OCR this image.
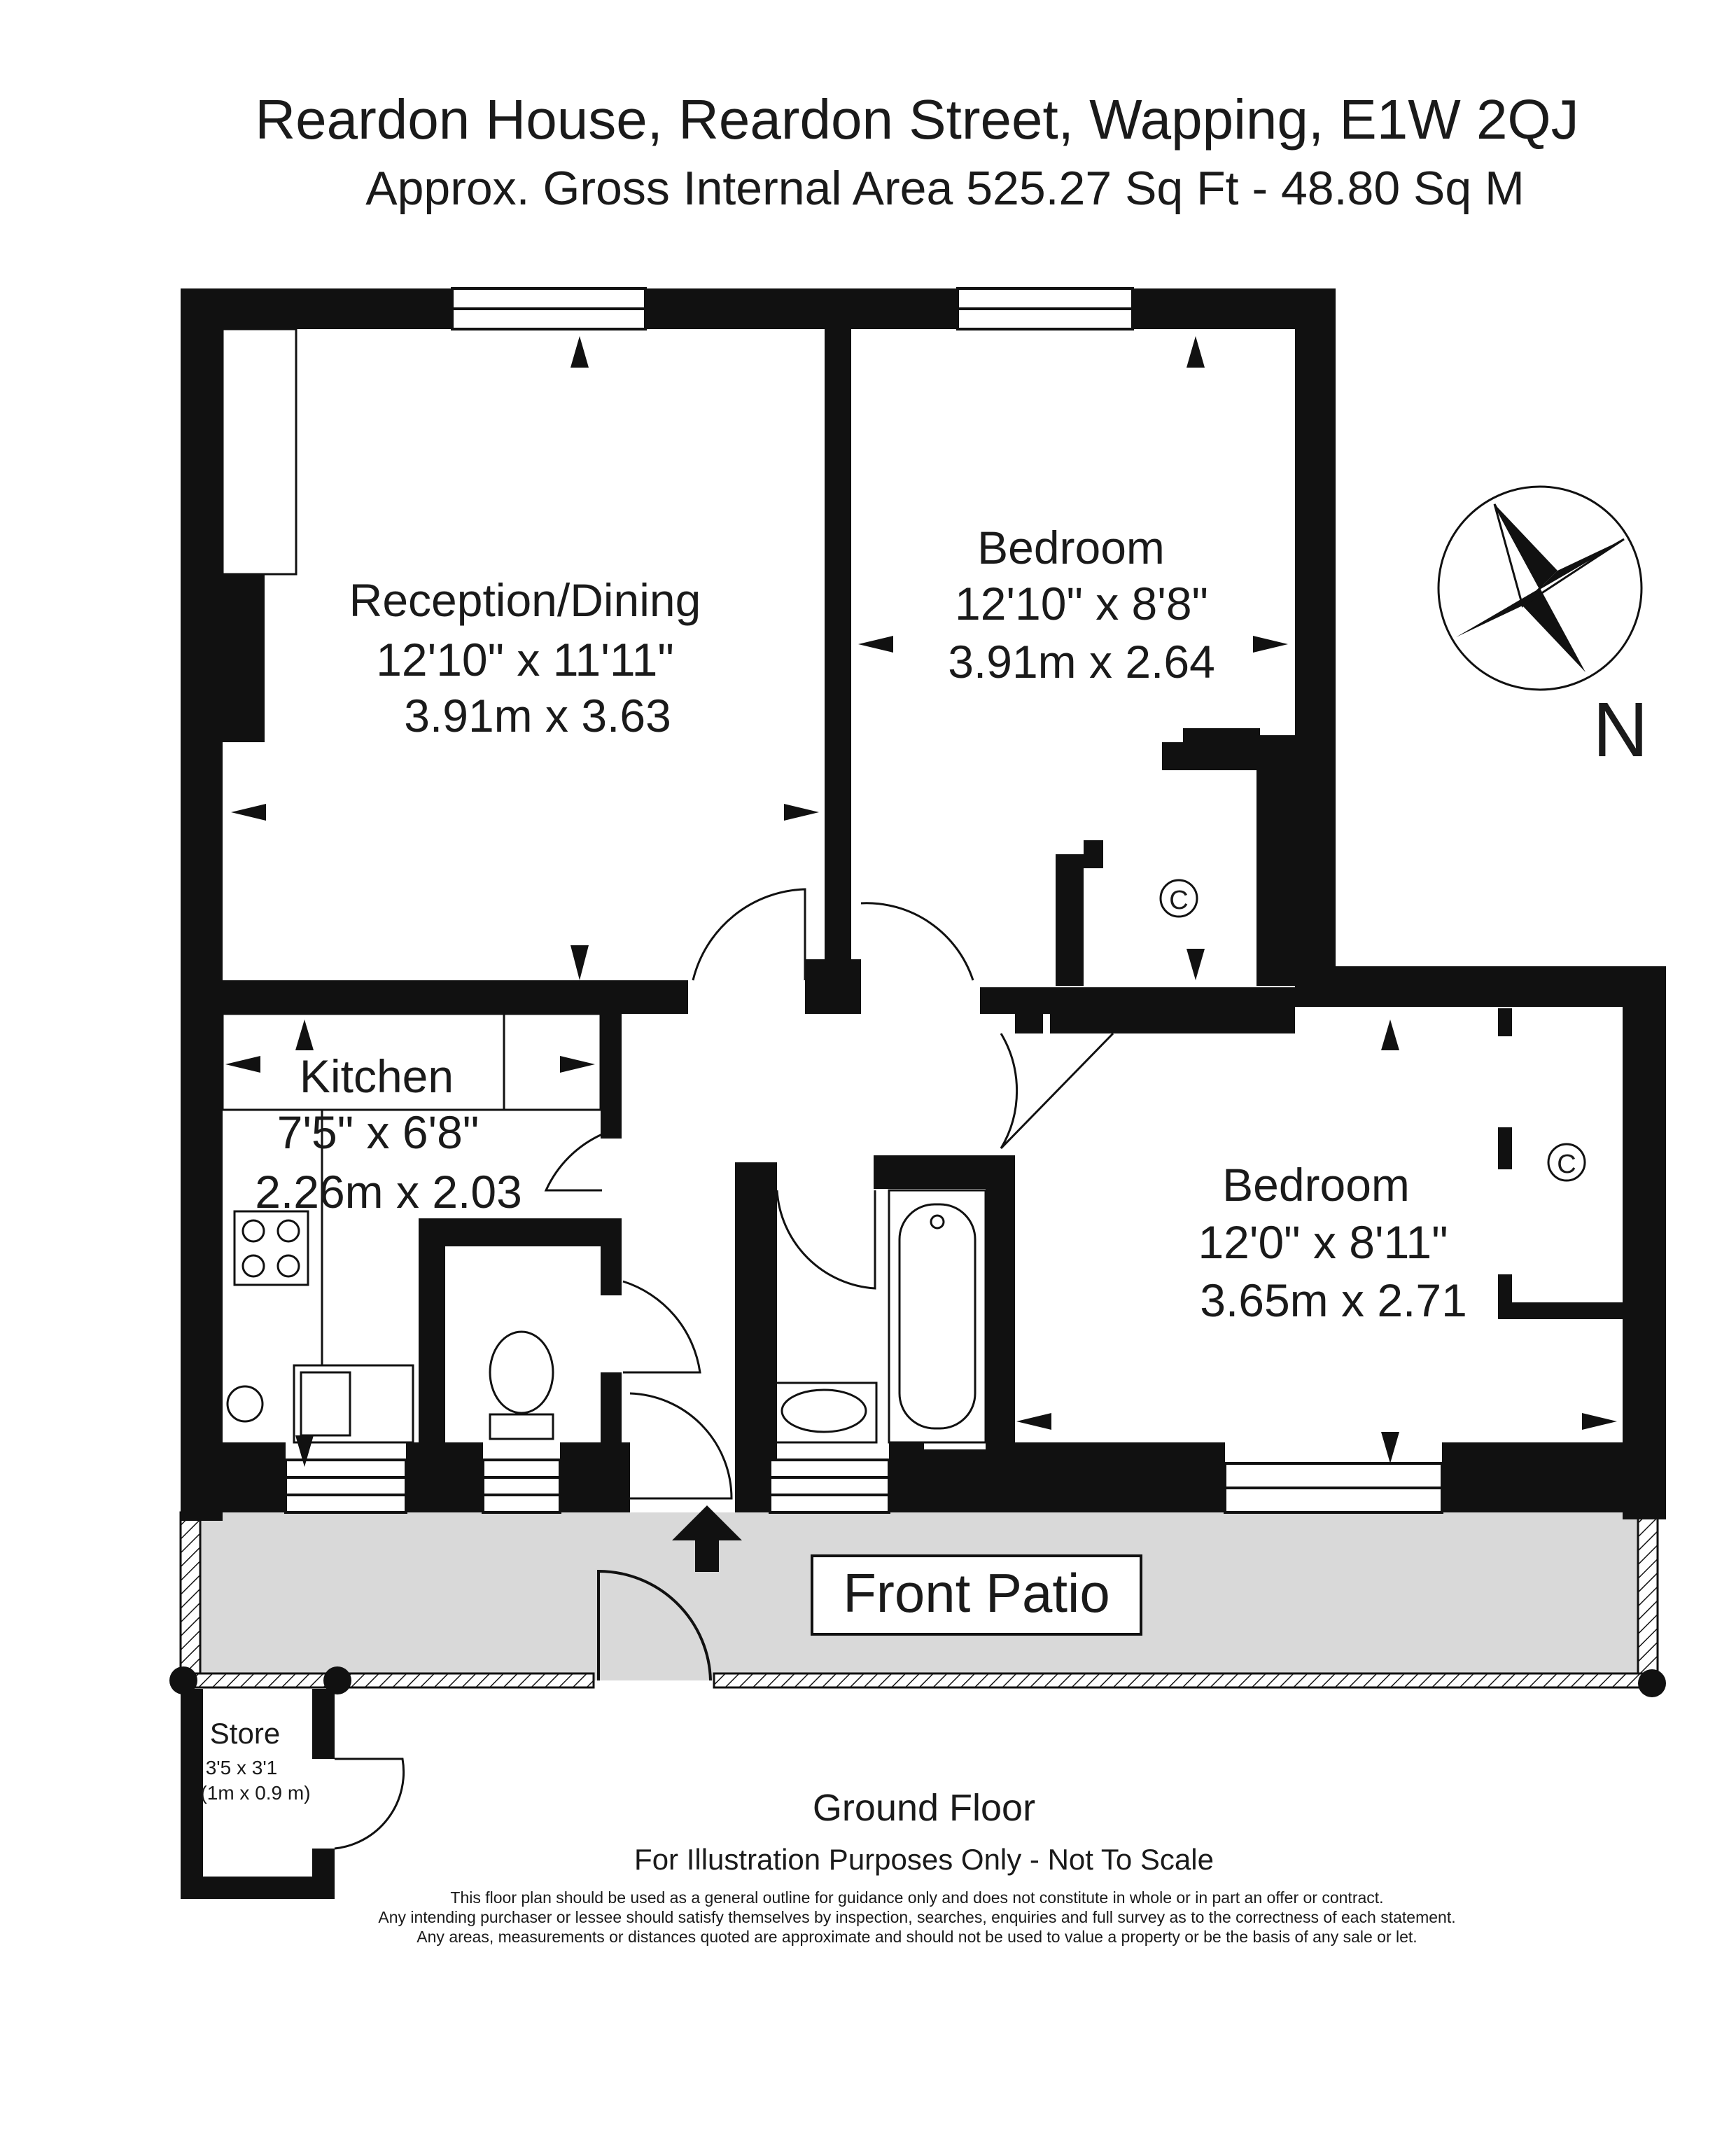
Reardon House, Reardon Street, Wapping, E1W 2QJ
Approx. Gross Internal Area 525.27 Sq Ft - 48.80 Sq M
Front Patio
Store
3'5 x 3'1
(1m x 0.9 m)
Reception/Dining
12'10" x 11'11"
3.91m x 3.63
Bedroom
12'10" x 8'8"
3.91m x 2.64
Kitchen
7'5" x 6'8"
2.26m x 2.03	Bedroom
12'0" x 8'11"
3.65m x 2.71
C
C
N
Ground Floor
For Illustration Purposes Only - Not To Scale
This floor plan should be used as a general outline for guidance only and does not constitute in whole or in part an offer or contract.
Any intending purchaser or lessee should satisfy themselves by inspection, searches, enquiries and full survey as to the correctness of each statement.
Any areas, measurements or distances quoted are approximate and should not be used to value a property or be the basis of any sale or let.
